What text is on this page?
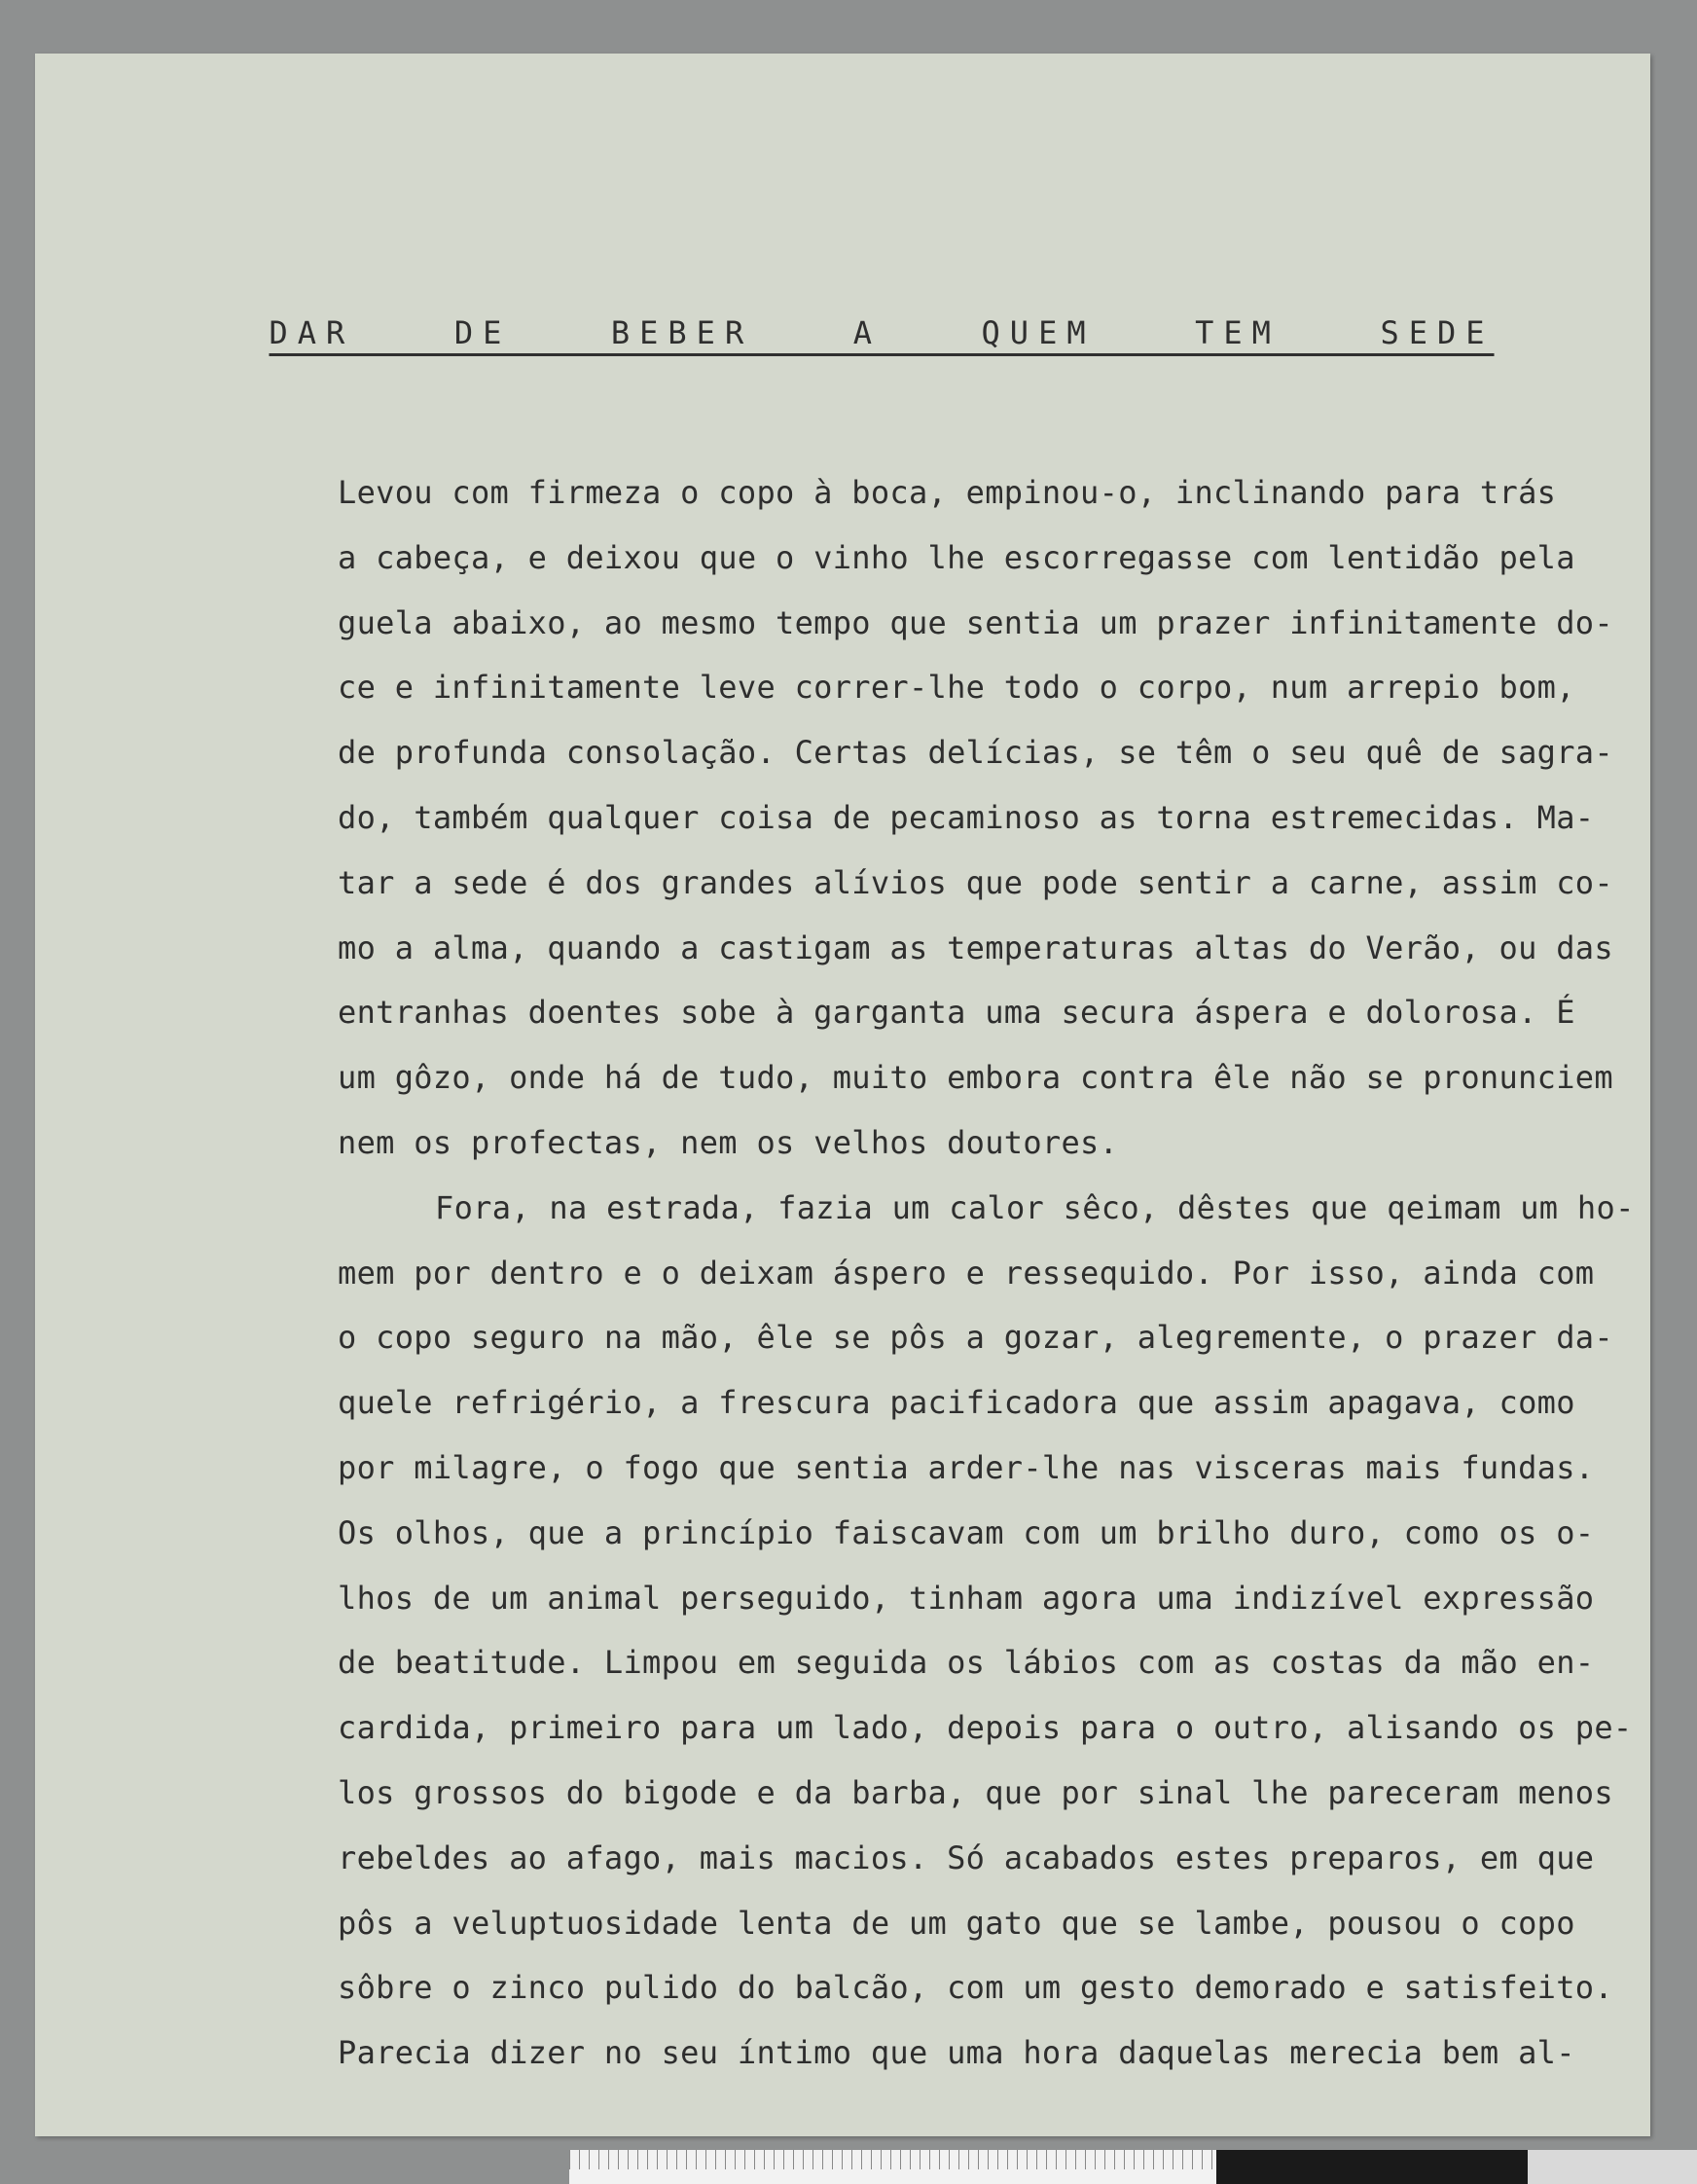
DAR  DE  BEBER  A  QUEM  TEM  SEDE
Levou com firmeza o copo à boca, empinou-o, inclinando para trás
a cabeça, e deixou que o vinho lhe escorregasse com lentidão pela
guela abaixo, ao mesmo tempo que sentia um prazer infinitamente do-
ce e infinitamente leve correr-lhe todo o corpo, num arrepio bom,
de profunda consolação. Certas delícias, se têm o seu quê de sagra-
do, também qualquer coisa de pecaminoso as torna estremecidas. Ma-
tar a sede é dos grandes alívios que pode sentir a carne, assim co-
mo a alma, quando a castigam as temperaturas altas do Verão, ou das
entranhas doentes sobe à garganta uma secura áspera e dolorosa. É
um gôzo, onde há de tudo, muito embora contra êle não se pronunciem
nem os profectas, nem os velhos doutores.
Fora, na estrada, fazia um calor sêco, dêstes que qeimam um ho-
mem por dentro e o deixam áspero e ressequido. Por isso, ainda com
o copo seguro na mão, êle se pôs a gozar, alegremente, o prazer da-
quele refrigério, a frescura pacificadora que assim apagava, como
por milagre, o fogo que sentia arder-lhe nas visceras mais fundas.
Os olhos, que a princípio faiscavam com um brilho duro, como os o-
lhos de um animal perseguido, tinham agora uma indizível expressão
de beatitude. Limpou em seguida os lábios com as costas da mão en-
cardida, primeiro para um lado, depois para o outro, alisando os pe-
los grossos do bigode e da barba, que por sinal lhe pareceram menos
rebeldes ao afago, mais macios. Só acabados estes preparos, em que
pôs a veluptuosidade lenta de um gato que se lambe, pousou o copo
sôbre o zinco pulido do balcão, com um gesto demorado e satisfeito.
Parecia dizer no seu íntimo que uma hora daquelas merecia bem al-
